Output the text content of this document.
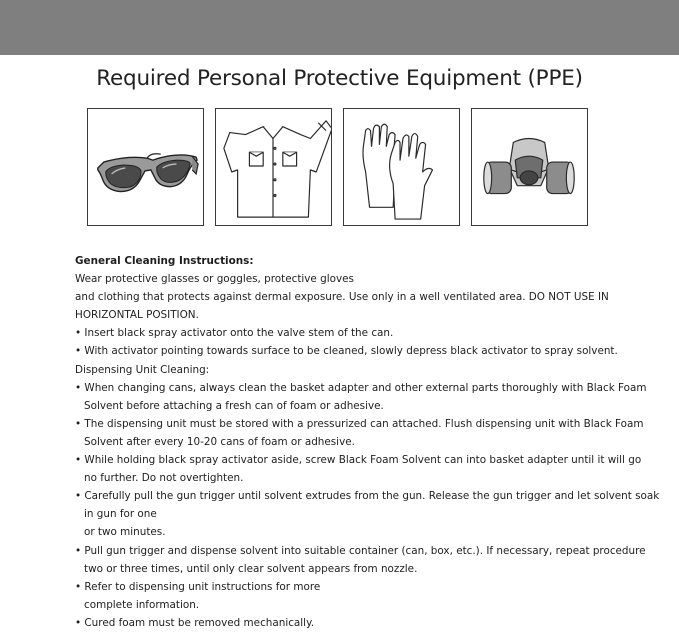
Required Personal Protective Equipment (PPE)
General Cleaning Instructions:
Wear protective glasses or goggles, protective gloves
and clothing that protects against dermal exposure. Use only in a well ventilated area. DO NOT USE IN
HORIZONTAL POSITION.
• Insert black spray activator onto the valve stem of the can.
• With activator pointing towards surface to be cleaned, slowly depress black activator to spray solvent.
Dispensing Unit Cleaning:
• When changing cans, always clean the basket adapter and other external parts thoroughly with Black Foam
Solvent before attaching a fresh can of foam or adhesive.
• The dispensing unit must be stored with a pressurized can attached. Flush dispensing unit with Black Foam
Solvent after every 10-20 cans of foam or adhesive.
• While holding black spray activator aside, screw Black Foam Solvent can into basket adapter until it will go
no further. Do not overtighten.
• Carefully pull the gun trigger until solvent extrudes from the gun. Release the gun trigger and let solvent soak
in gun for one
or two minutes.
• Pull gun trigger and dispense solvent into suitable container (can, box, etc.). If necessary, repeat procedure
two or three times, until only clear solvent appears from nozzle.
• Refer to dispensing unit instructions for more
complete information.
• Cured foam must be removed mechanically.
